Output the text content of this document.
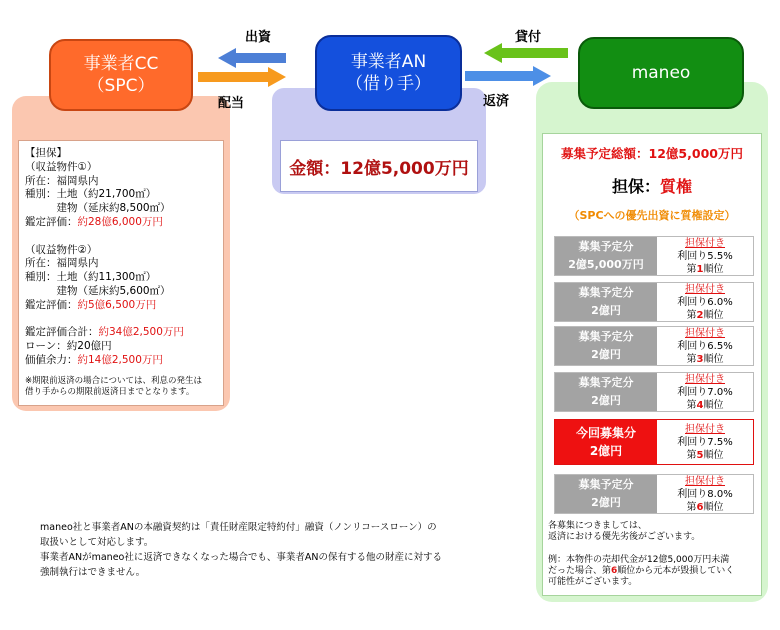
事業者CC
（SPC）
事業者AN
（借り手）
maneo
出資
配当
貸付
返済
金額： 12億5,000万円
【担保】
（収益物件①）
所在：福岡県内
種別：土地（約21,700㎡）
　　　建物（延床約8,500㎡）
鑑定評価：約28億6,000万円

（収益物件②）
所在：福岡県内
種別：土地（約11,300㎡）
　　　建物（延床約5,600㎡）
鑑定評価：約5億6,500万円

鑑定評価合計：約34億2,500万円
ローン：約20億円
価値余力：約14億2,500万円
※期限前返済の場合については、利息の発生は
借り手からの期限前返済日までとなります。
募集予定総額：12億5,000万円
担保：質権
（SPCへの優先出資に質権設定）
募集予定分
2億5,000万円
担保付き
利回り5.5%
第1順位
募集予定分
2億円
担保付き
利回り6.0%
第2順位
募集予定分
2億円
担保付き
利回り6.5%
第3順位
募集予定分
2億円
担保付き
利回り7.0%
第4順位
今回募集分
2億円
担保付き
利回り7.5%
第5順位
募集予定分
2億円
担保付き
利回り8.0%
第6順位
各募集につきましては、
返済における優先劣後がございます。
例：本物件の売却代金が12億5,000万円未満
だった場合、第6順位から元本が毀損していく
可能性がございます。
maneo社と事業者ANの本融資契約は「責任財産限定特約付」融資（ノンリコースローン）の
取扱いとして対応します。
事業者ANがmaneo社に返済できなくなった場合でも、事業者ANの保有する他の財産に対する
強制執行はできません。
